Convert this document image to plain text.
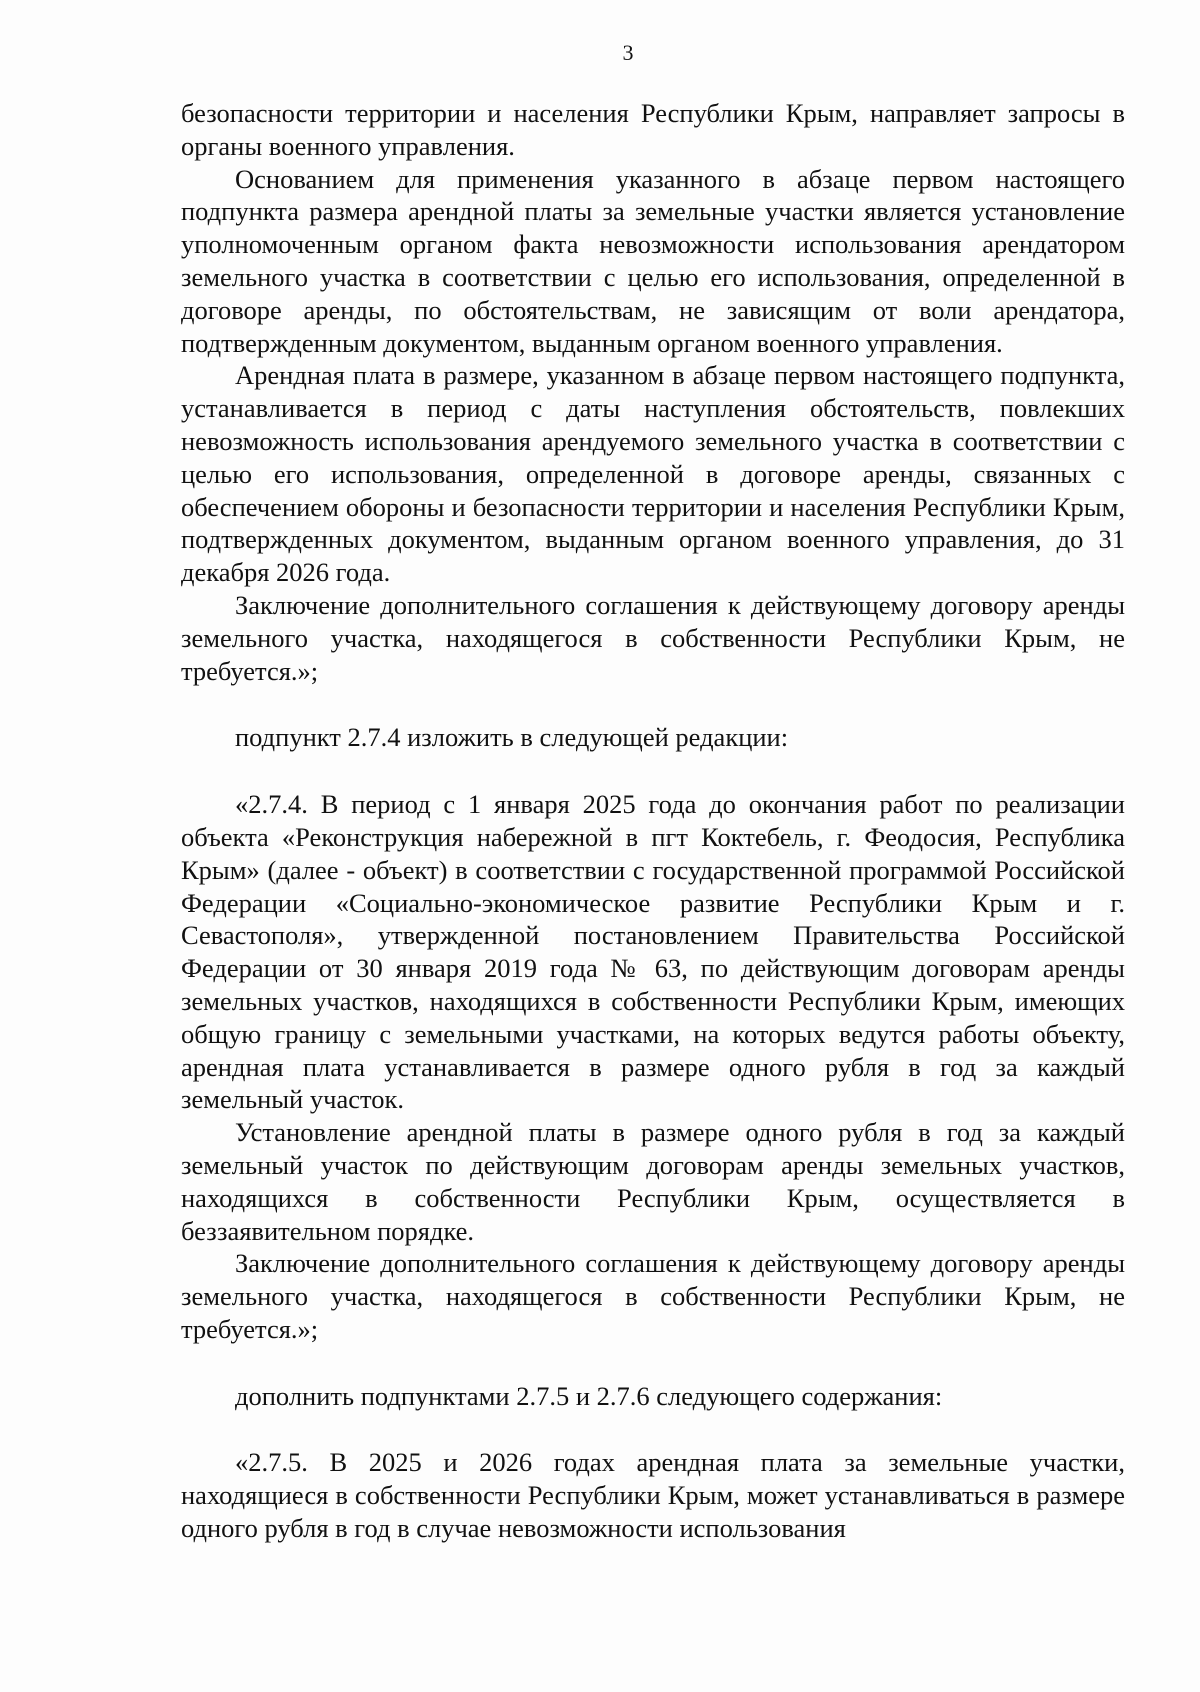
3

безопасности территории и населения Республики Крым, направляет запросы в органы военного управления.

Основанием для применения указанного в абзаце первом настоящего подпункта размера арендной платы за земельные участки является установление уполномоченным органом факта невозможности использования арендатором земельного участка в соответствии с целью его использования, определенной в договоре аренды, по обстоятельствам, не зависящим от воли арендатора, подтвержденным документом, выданным органом военного управления.

Арендная плата в размере, указанном в абзаце первом настоящего подпункта, устанавливается в период с даты наступления обстоятельств, повлекших невозможность использования арендуемого земельного участка в соответствии с целью его использования, определенной в договоре аренды, связанных с обеспечением обороны и безопасности территории и населения Республики Крым, подтвержденных документом, выданным органом военного управления, до 31 декабря 2026 года.

Заключение дополнительного соглашения к действующему договору аренды земельного участка, находящегося в собственности Республики Крым, не требуется.»;

подпункт 2.7.4 изложить в следующей редакции:

«2.7.4. В период с 1 января 2025 года до окончания работ по реализации объекта «Реконструкция набережной в пгт Коктебель, г. Феодосия, Республика Крым» (далее - объект) в соответствии с государственной программой Российской Федерации «Социально-экономическое развитие Республики Крым и г. Севастополя», утвержденной постановлением Правительства Российской Федерации от 30 января 2019 года № 63, по действующим договорам аренды земельных участков, находящихся в собственности Республики Крым, имеющих общую границу с земельными участками, на которых ведутся работы объекту, арендная плата устанавливается в размере одного рубля в год за каждый земельный участок.

Установление арендной платы в размере одного рубля в год за каждый земельный участок по действующим договорам аренды земельных участков, находящихся в собственности Республики Крым, осуществляется в беззаявительном порядке.

Заключение дополнительного соглашения к действующему договору аренды земельного участка, находящегося в собственности Республики Крым, не требуется.»;

дополнить подпунктами 2.7.5 и 2.7.6 следующего содержания:

«2.7.5. В 2025 и 2026 годах арендная плата за земельные участки, находящиеся в собственности Республики Крым, может устанавливаться в размере одного рубля в год в случае невозможности использования
